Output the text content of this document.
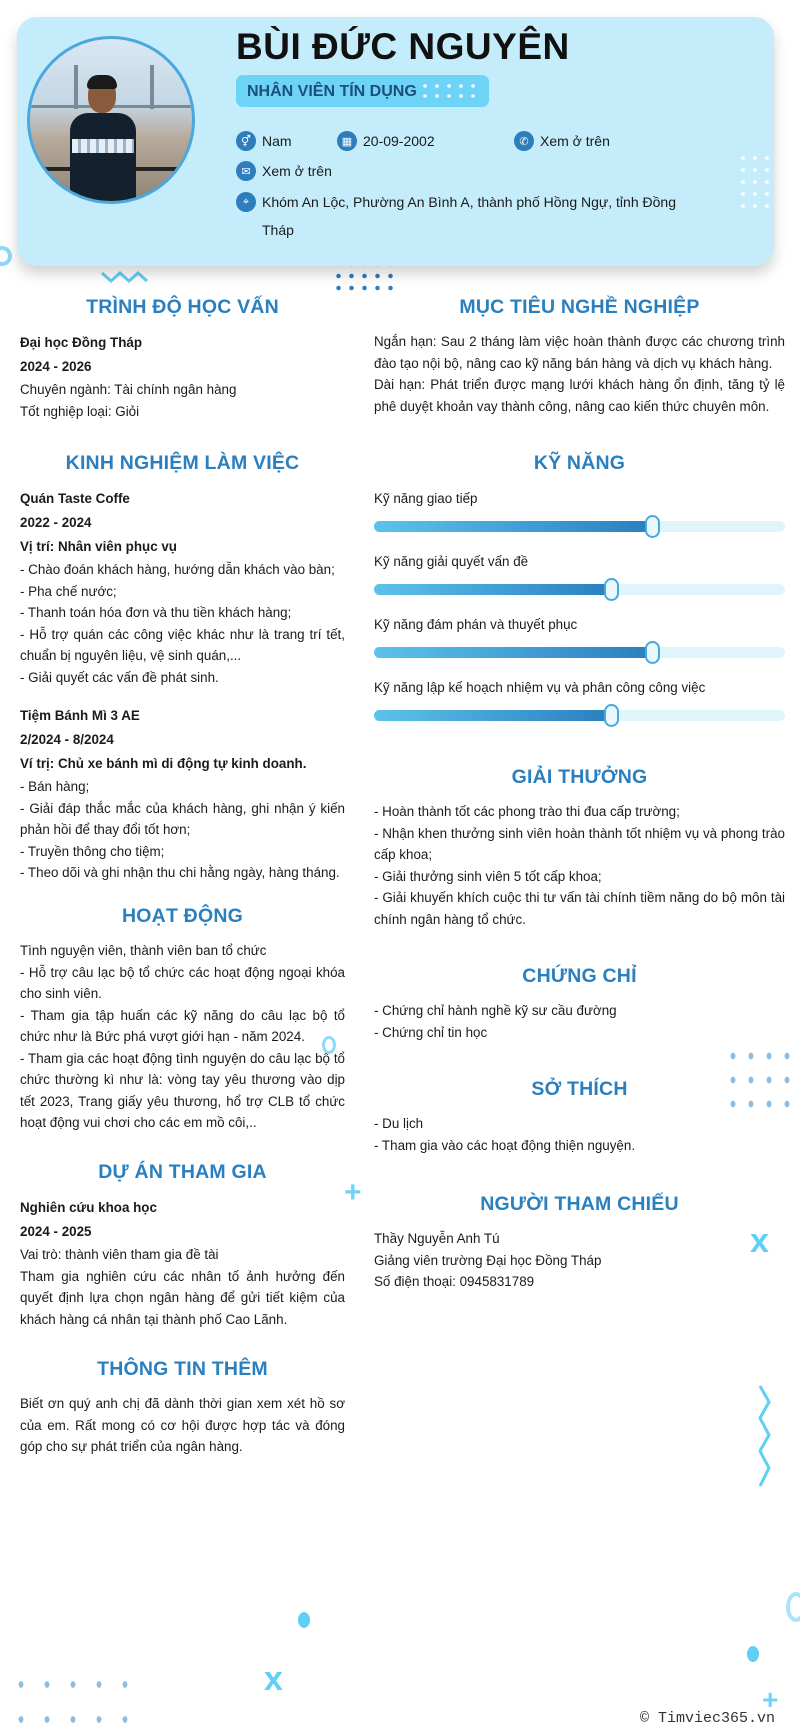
BÙI ĐỨC NGUYÊN
NHÂN VIÊN TÍN DỤNG
⚥ Nam	▦ 20-09-2002	✆ Xem ở trên
✉ Xem ở trên
⌖ Khóm An Lộc, Phường An Bình A, thành phố Hồng Ngự, tỉnh Đồng
Tháp
TRÌNH ĐỘ HỌC VẤN
Đại học Đồng Tháp
2024 - 2026
Chuyên ngành: Tài chính ngân hàng
Tốt nghiệp loại: Giỏi
KINH NGHIỆM LÀM VIỆC
Quán Taste Coffe
2022 - 2024
Vị trí: Nhân viên phục vụ
- Chào đoán khách hàng, hướng dẫn khách vào bàn;
- Pha chế nước;
- Thanh toán hóa đơn và thu tiền khách hàng;
- Hỗ trợ quán các công việc khác như là trang trí tết, chuẩn bị nguyên liệu, vệ sinh quán,...
- Giải quyết các vấn đề phát sinh.
Tiệm Bánh Mì 3 AE
2/2024 - 8/2024
Ví trị: Chủ xe bánh mì di động tự kinh doanh.
- Bán hàng;
- Giải đáp thắc mắc của khách hàng, ghi nhận ý kiến phản hồi để thay đổi tốt hơn;
- Truyền thông cho tiệm;
- Theo dõi và ghi nhận thu chi hằng ngày, hàng tháng.
HOẠT ĐỘNG
Tình nguyện viên, thành viên ban tổ chức
- Hỗ trợ câu lạc bộ tổ chức các hoạt động ngoại khóa cho sinh viên.
- Tham gia tập huấn các kỹ năng do câu lạc bộ tổ chức như là Bức phá vượt giới hạn - năm 2024.
- Tham gia các hoạt động tình nguyện do câu lạc bộ tổ chức thường kì như là: vòng tay yêu thương vào dịp tết 2023, Trang giấy yêu thương, hổ trợ CLB tổ chức hoạt động vui chơi cho các em mồ côi,..
DỰ ÁN THAM GIA
Nghiên cứu khoa học
2024 - 2025
Vai trò: thành viên tham gia đề tài
Tham gia nghiên cứu các nhân tố ảnh hưởng đến quyết định lựa chọn ngân hàng để gửi tiết kiệm của khách hàng cá nhân tại thành phố Cao Lãnh.
THÔNG TIN THÊM
Biết ơn quý anh chị đã dành thời gian xem xét hồ sơ của em. Rất mong có cơ hội được hợp tác và đóng góp cho sự phát triển của ngân hàng.
MỤC TIÊU NGHỀ NGHIỆP
Ngắn hạn: Sau 2 tháng làm việc hoàn thành được các chương trình đào tạo nội bộ, nâng cao kỹ năng bán hàng và dịch vụ khách hàng.
Dài hạn: Phát triển được mạng lưới khách hàng ổn định, tăng tỷ lệ phê duyệt khoản vay thành công, nâng cao kiến thức chuyên môn.
KỸ NĂNG
Kỹ năng giao tiếp
Kỹ năng giải quyết vấn đề
Kỹ năng đám phán và thuyết phục
Kỹ năng lập kế hoạch nhiệm vụ và phân công công việc
GIẢI THƯỞNG
- Hoàn thành tốt các phong trào thi đua cấp trường;
- Nhận khen thưởng sinh viên hoàn thành tốt nhiệm vụ và phong trào cấp khoa;
- Giải thưởng sinh viên 5 tốt cấp khoa;
- Giải khuyến khích cuộc thi tư vấn tài chính tiềm năng do bộ môn tài chính ngân hàng tổ chức.
CHỨNG CHỈ
- Chứng chỉ hành nghề kỹ sư cầu đường
- Chứng chỉ tin học
SỞ THÍCH
- Du lịch
- Tham gia vào các hoạt động thiện nguyện.
NGƯỜI THAM CHIẾU
Thầy Nguyễn Anh Tú
Giảng viên trường Đại học Đồng Tháp
Số điện thoại: 0945831789
+
x
x
+
© Timviec365.vn
